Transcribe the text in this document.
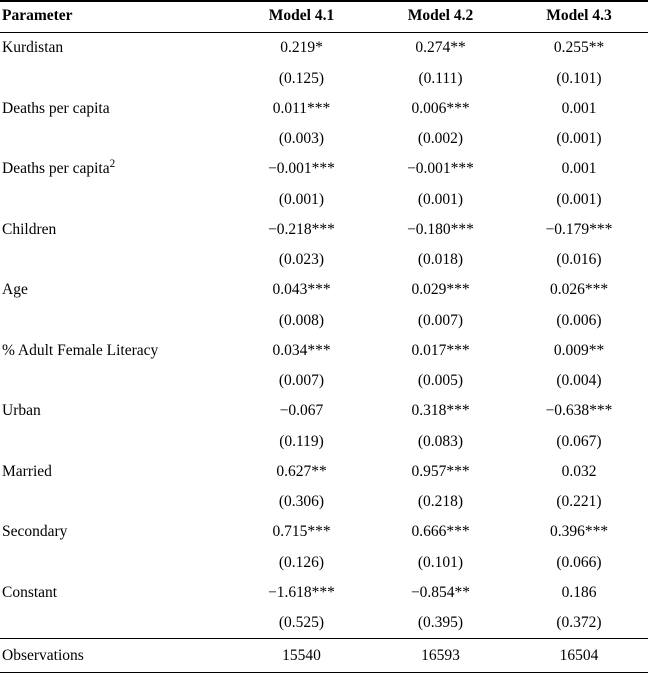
Parameter	Model 4.1	Model 4.2	Model 4.3
Kurdistan	0.219*	0.274**	0.255**
	(0.125)	(0.111)	(0.101)
Deaths per capita	0.011***	0.006***	0.001
	(0.003)	(0.002)	(0.001)
Deaths per capita$^2$	−0.001***	−0.001***	0.001
	(0.001)	(0.001)	(0.001)
Children	−0.218***	−0.180***	−0.179***
	(0.023)	(0.018)	(0.016)
Age	0.043***	0.029***	0.026***
	(0.008)	(0.007)	(0.006)
% Adult Female Literacy	0.034***	0.017***	0.009**
	(0.007)	(0.005)	(0.004)
Urban	−0.067	0.318***	−0.638***
	(0.119)	(0.083)	(0.067)
Married	0.627**	0.957***	0.032
	(0.306)	(0.218)	(0.221)
Secondary	0.715***	0.666***	0.396***
	(0.126)	(0.101)	(0.066)
Constant	−1.618***	−0.854**	0.186
	(0.525)	(0.395)	(0.372)
Observations	15540	16593	16504
